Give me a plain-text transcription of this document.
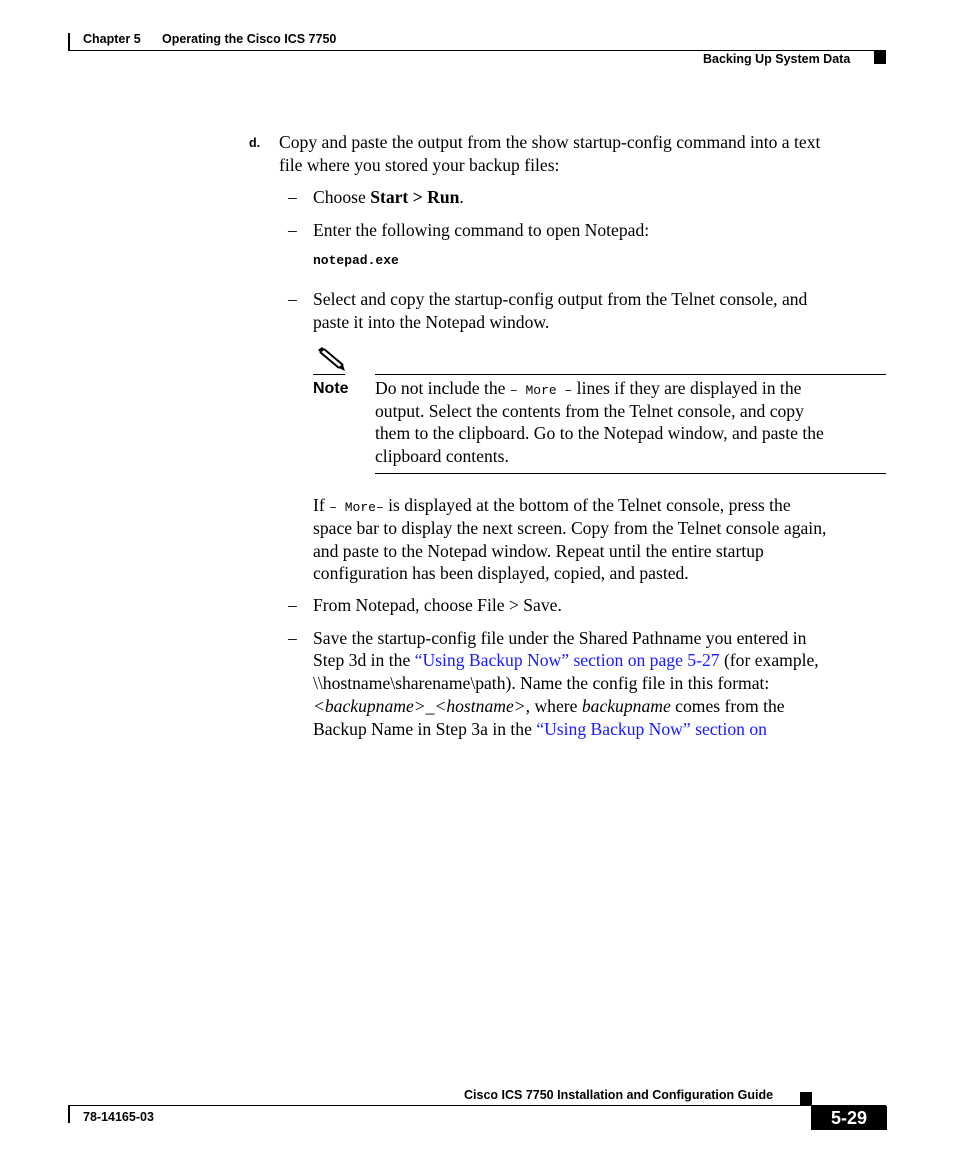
Chapter 5 Operating the Cisco ICS 7750
Backing Up System Data
d. Copy and paste the output from the show startup-config command into a text
file where you stored your backup files:
– Choose Start > Run.
– Enter the following command to open Notepad:
notepad.exe
– Select and copy the startup-config output from the Telnet console, and
paste it into the Notepad window.
Note Do not include the – More – lines if they are displayed in the
output. Select the contents from the Telnet console, and copy
them to the clipboard. Go to the Notepad window, and paste the
clipboard contents.
If – More– is displayed at the bottom of the Telnet console, press the
space bar to display the next screen. Copy from the Telnet console again,
and paste to the Notepad window. Repeat until the entire startup
configuration has been displayed, copied, and pasted.
– From Notepad, choose File > Save.
– Save the startup-config file under the Shared Pathname you entered in
Step 3d in the “Using Backup Now” section on page 5-27 (for example,
\\hostname\sharename\path). Name the config file in this format:
<backupname>_<hostname>, where backupname comes from the
Backup Name in Step 3a in the “Using Backup Now” section on
Cisco ICS 7750 Installation and Configuration Guide
78-14165-03	5-29
